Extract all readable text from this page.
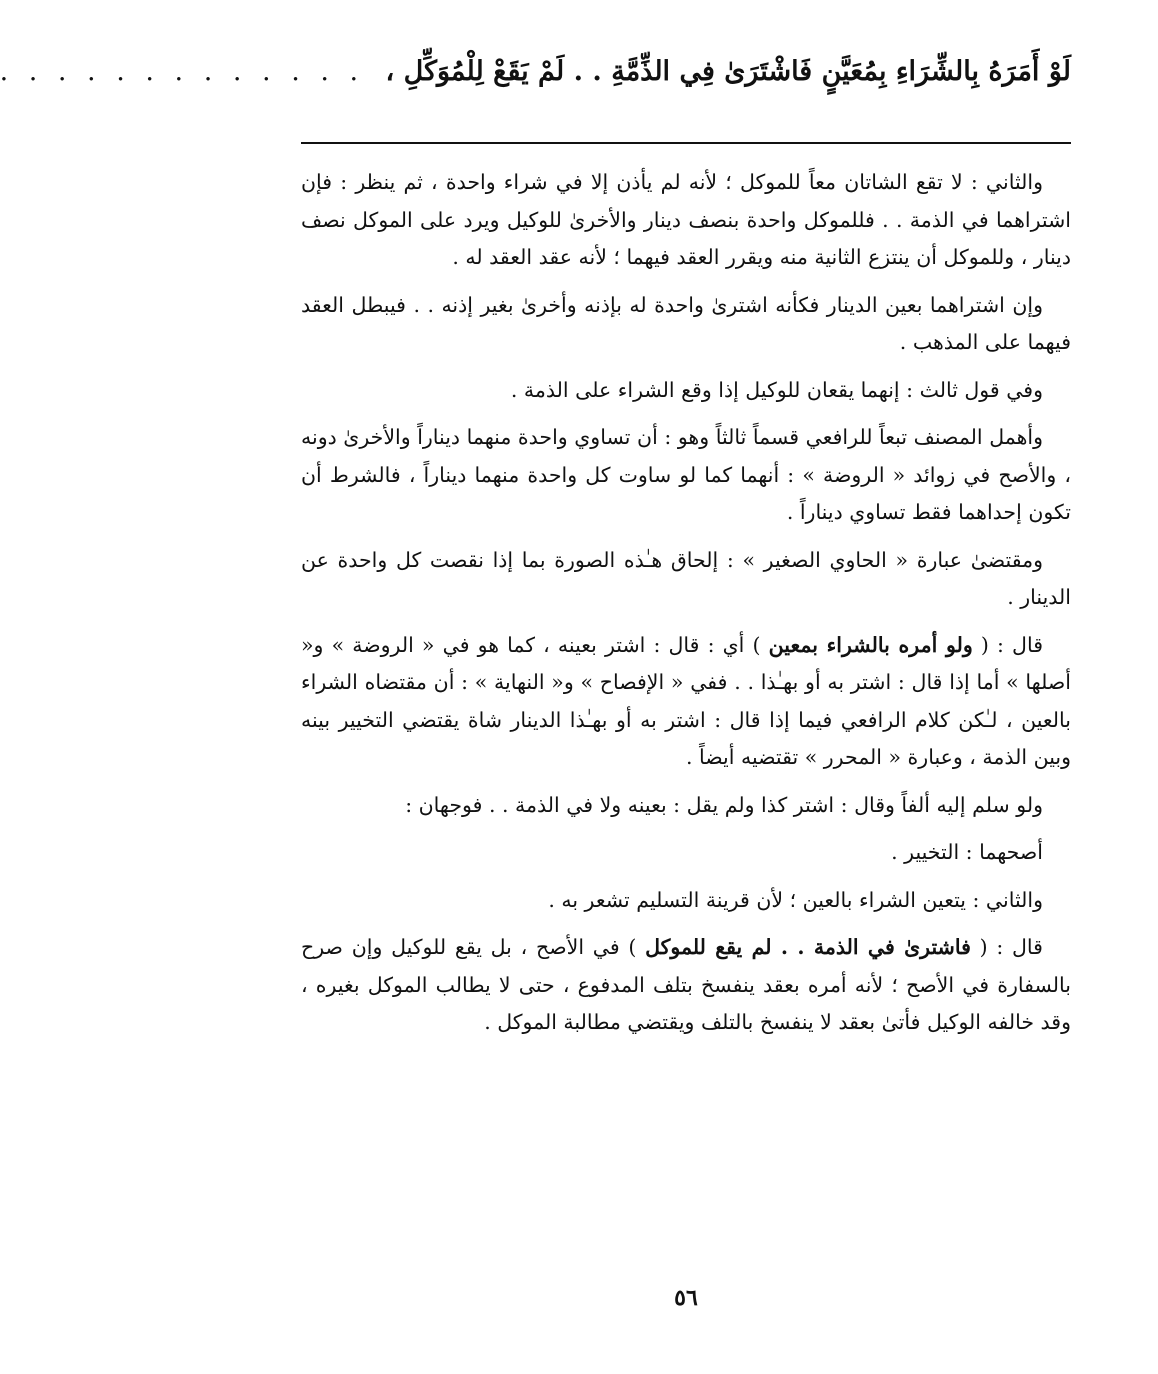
لَوْ أَمَرَهُ بِالشِّرَاءِ بِمُعَيَّنٍ فَاشْتَرَىٰ فِي الذِّمَّةِ . . لَمْ يَقَعْ لِلْمُوَكِّلِ ، . . . . . . . . . . . . .

والثاني : لا تقع الشاتان معاً للموكل ؛ لأنه لم يأذن إلا في شراء واحدة ، ثم ينظر : فإن اشتراهما في الذمة . . فللموكل واحدة بنصف دينار والأخرىٰ للوكيل ويرد على الموكل نصف دينار ، وللموكل أن ينتزع الثانية منه ويقرر العقد فيهما ؛ لأنه عقد العقد له .

وإن اشتراهما بعين الدينار فكأنه اشترىٰ واحدة له بإذنه وأخرىٰ بغير إذنه . . فيبطل العقد فيهما على المذهب .

وفي قول ثالث : إنهما يقعان للوكيل إذا وقع الشراء على الذمة .

وأهمل المصنف تبعاً للرافعي قسماً ثالثاً وهو : أن تساوي واحدة منهما ديناراً والأخرىٰ دونه ، والأصح في زوائد « الروضة » : أنهما كما لو ساوت كل واحدة منهما ديناراً ، فالشرط أن تكون إحداهما فقط تساوي ديناراً .

ومقتضىٰ عبارة « الحاوي الصغير » : إلحاق هـٰذه الصورة بما إذا نقصت كل واحدة عن الدينار .

قال : ( ولو أمره بالشراء بمعين ) أي : قال : اشتر بعينه ، كما هو في « الروضة » و« أصلها » أما إذا قال : اشتر به أو بهـٰذا . . ففي « الإفصاح » و« النهاية » : أن مقتضاه الشراء بالعين ، لـٰكن كلام الرافعي فيما إذا قال : اشتر به أو بهـٰذا الدينار شاة يقتضي التخيير بينه وبين الذمة ، وعبارة « المحرر » تقتضيه أيضاً .

ولو سلم إليه ألفاً وقال : اشتر كذا ولم يقل : بعينه ولا في الذمة . . فوجهان :

أصحهما : التخيير .

والثاني : يتعين الشراء بالعين ؛ لأن قرينة التسليم تشعر به .

قال : ( فاشترىٰ في الذمة . . لم يقع للموكل ) في الأصح ، بل يقع للوكيل وإن صرح بالسفارة في الأصح ؛ لأنه أمره بعقد ينفسخ بتلف المدفوع ، حتى لا يطالب الموكل بغيره ، وقد خالفه الوكيل فأتىٰ بعقد لا ينفسخ بالتلف ويقتضي مطالبة الموكل .

٥٦
